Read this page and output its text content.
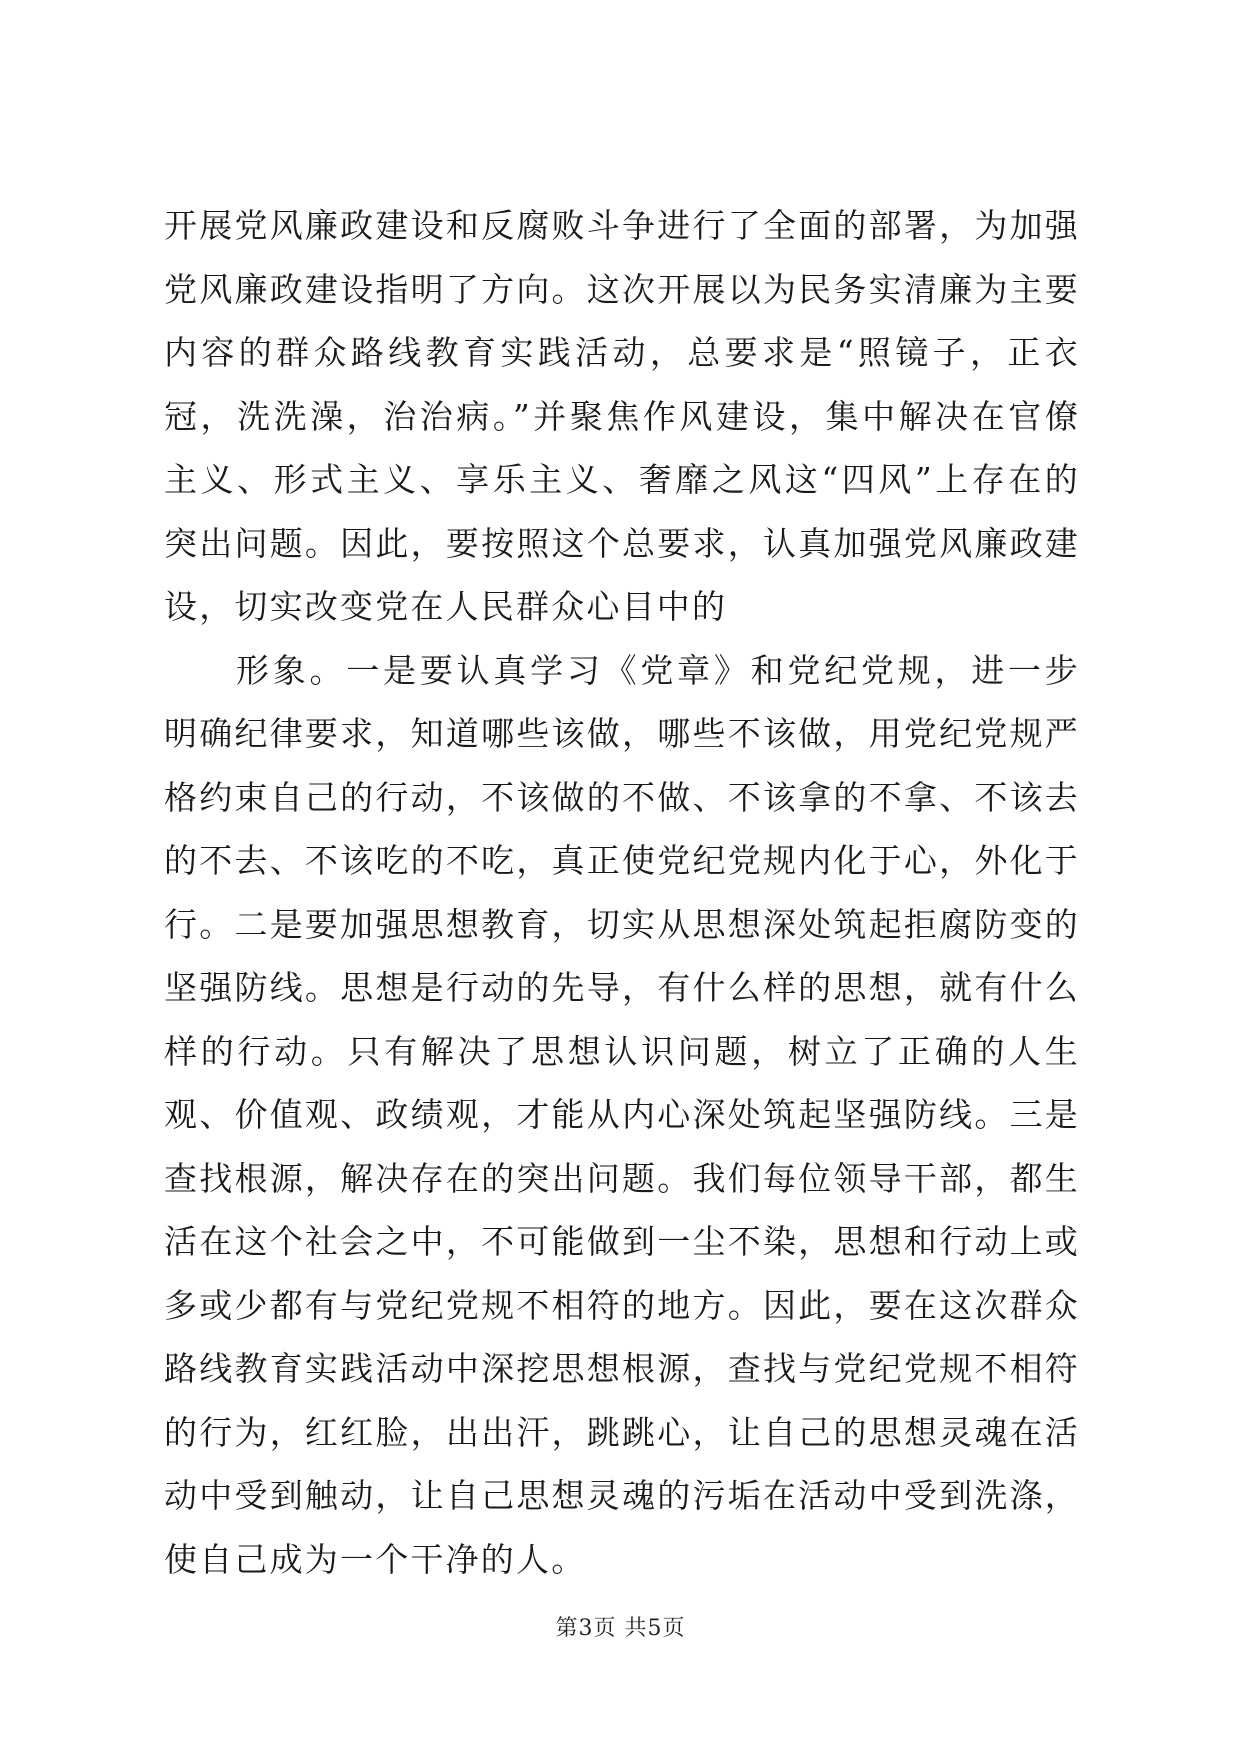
开展党风廉政建设和反腐败斗争进行了全面的部署，为加强党风廉政建设指明了方向。这次开展以为民务实清廉为主要内容的群众路线教育实践活动，总要求是“照镜子，正衣冠，洗洗澡，治治病。”并聚焦作风建设，集中解决在官僚主义、形式主义、享乐主义、奢靡之风这“四风”上存在的突出问题。因此，要按照这个总要求，认真加强党风廉政建设，切实改变党在人民群众心目中的

形象。一是要认真学习《党章》和党纪党规，进一步明确纪律要求，知道哪些该做，哪些不该做，用党纪党规严格约束自己的行动，不该做的不做、不该拿的不拿、不该去的不去、不该吃的不吃，真正使党纪党规内化于心，外化于行。二是要加强思想教育，切实从思想深处筑起拒腐防变的坚强防线。思想是行动的先导，有什么样的思想，就有什么样的行动。只有解决了思想认识问题，树立了正确的人生观、价值观、政绩观，才能从内心深处筑起坚强防线。三是查找根源，解决存在的突出问题。我们每位领导干部，都生活在这个社会之中，不可能做到一尘不染，思想和行动上或多或少都有与党纪党规不相符的地方。因此，要在这次群众路线教育实践活动中深挖思想根源，查找与党纪党规不相符的行为，红红脸，出出汗，跳跳心，让自己的思想灵魂在活动中受到触动，让自己思想灵魂的污垢在活动中受到洗涤，使自己成为一个干净的人。

第3页 共5页
